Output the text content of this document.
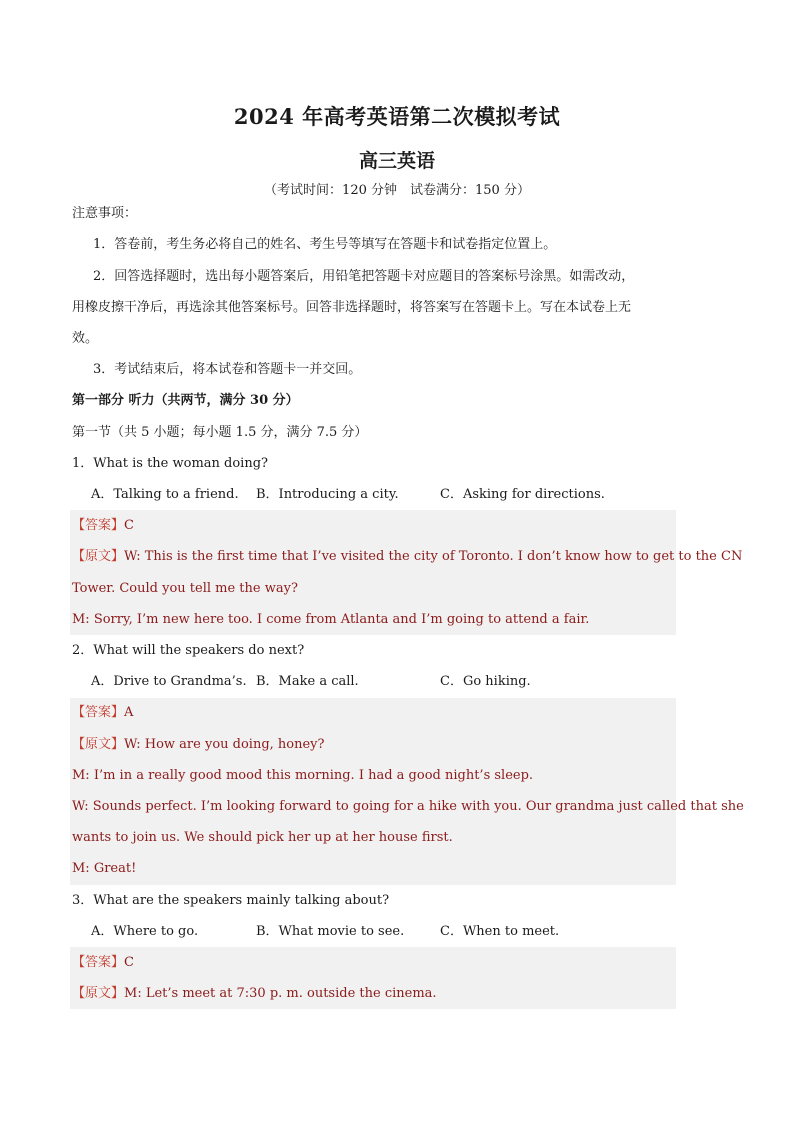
2024 年高考英语第二次模拟考试
高三英语
（考试时间：120 分钟　试卷满分：150 分）
注意事项：
1．答卷前，考生务必将自己的姓名、考生号等填写在答题卡和试卷指定位置上。
2．回答选择题时，选出每小题答案后，用铅笔把答题卡对应题目的答案标号涂黑。如需改动，
用橡皮擦干净后，再选涂其他答案标号。回答非选择题时，将答案写在答题卡上。写在本试卷上无
效。
3．考试结束后，将本试卷和答题卡一并交回。
第一部分 听力（共两节，满分 30 分）
第一节（共 5 小题；每小题 1.5 分，满分 7.5 分）
1．What is the woman doing?
A．Talking to a friend. B．Introducing a city.	C．Asking for directions.
【答案】C
【原文】W: This is the first time that I’ve visited the city of Toronto. I don’t know how to get to the CN
Tower. Could you tell me the way?
M: Sorry, I’m new here too. I come from Atlanta and I’m going to attend a fair.
2．What will the speakers do next?
A．Drive to Grandma’s. B．Make a call.	C．Go hiking.
【答案】A
【原文】W: How are you doing, honey?
M: I’m in a really good mood this morning. I had a good night’s sleep.
W: Sounds perfect. I’m looking forward to going for a hike with you. Our grandma just called that she
wants to join us. We should pick her up at her house first.
M: Great!
3．What are the speakers mainly talking about?
A．Where to go.	B．What movie to see.	C．When to meet.
【答案】C
【原文】M: Let’s meet at 7:30 p. m. outside the cinema.
